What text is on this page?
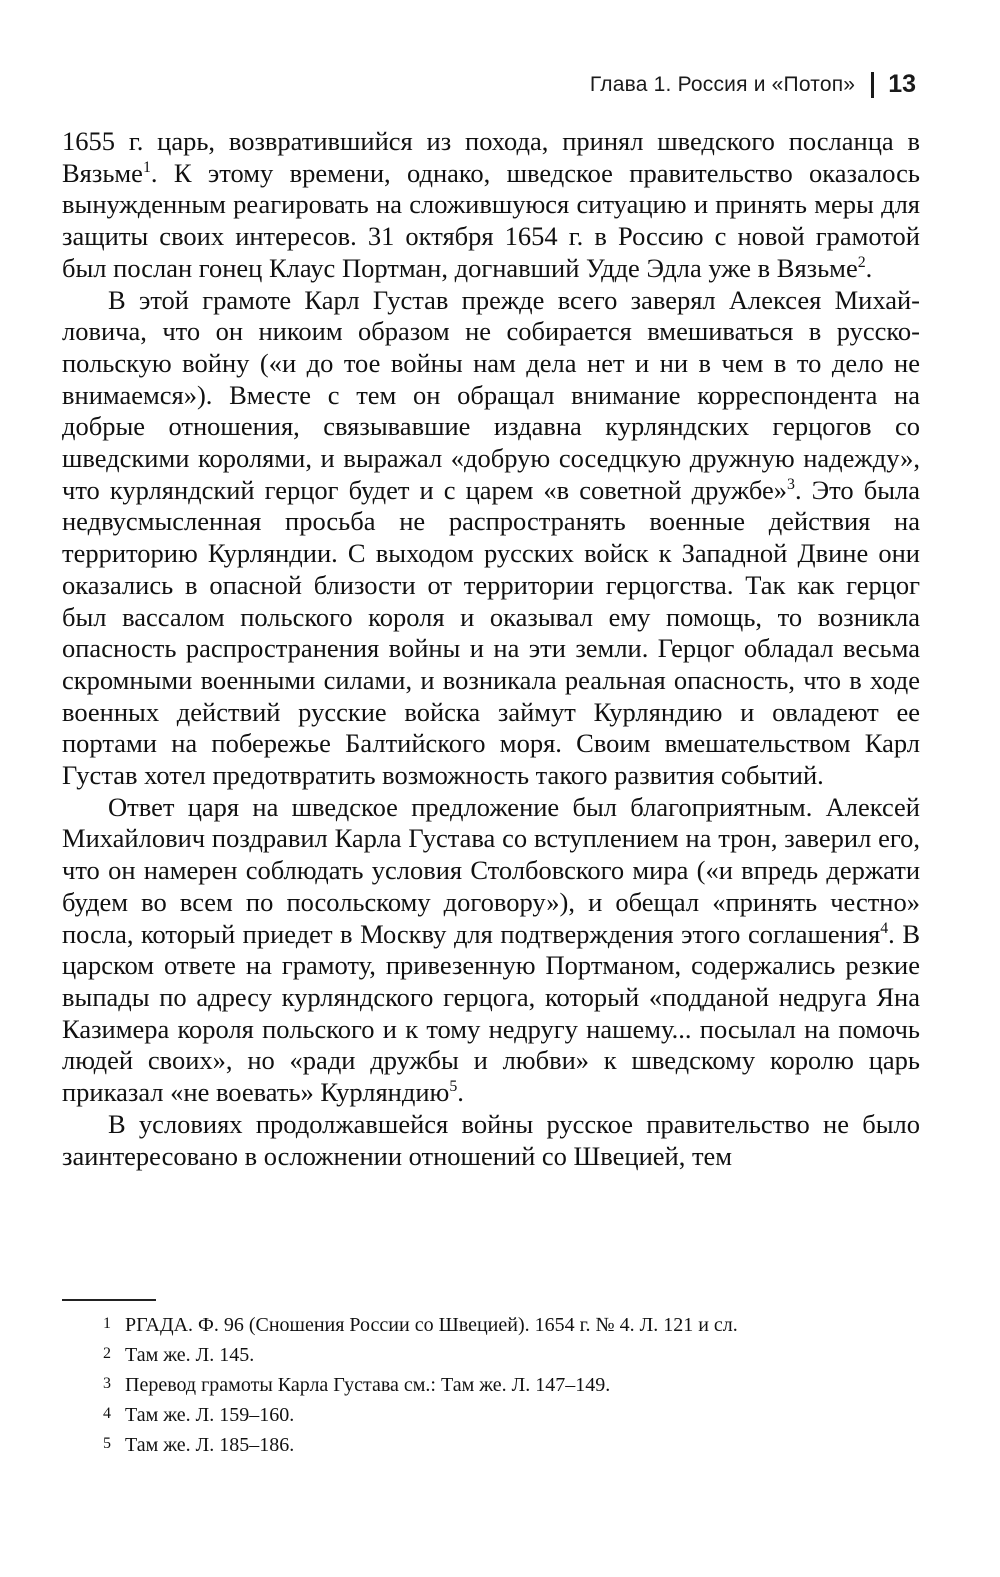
Глава 1. Россия и «Потоп» 13

1655 г. царь, возвратившийся из похода, принял шведского посланца в Вязьме$^1$. К этому времени, однако, шведское правительство оказалось вынужденным реагировать на сложившуюся ситуацию и принять меры для защиты своих интересов. 31 октября 1654 г. в Россию с новой грамотой был послан гонец Клаус Портман, догнавший Удде Эдла уже в Вязьме$^2$.

В этой грамоте Карл Густав прежде всего заверял Алексея Михайловича, что он никоим образом не собирается вмешиваться в русско-польскую войну («и до тое войны нам дела нет и ни в чем в то дело не внимаемся»). Вместе с тем он обращал внимание корреспондента на добрые отношения, связывавшие издавна курляндских герцогов со шведскими королями, и выражал «добрую соседцкую дружную надежду», что курляндский герцог будет и с царем «в советной дружбе»$^3$. Это была недвусмысленная просьба не распространять военные действия на территорию Курляндии. С выходом русских войск к Западной Двине они оказались в опасной близости от территории герцогства. Так как герцог был вассалом польского короля и оказывал ему помощь, то возникла опасность распространения войны и на эти земли. Герцог обладал весьма скромными военными силами, и возникала реальная опасность, что в ходе военных действий русские войска займут Курляндию и овладеют ее портами на побережье Балтийского моря. Своим вмешательством Карл Густав хотел предотвратить возможность такого развития событий.

Ответ царя на шведское предложение был благоприятным. Алексей Михайлович поздравил Карла Густава со вступлением на трон, заверил его, что он намерен соблюдать условия Столбовского мира («и впредь держати будем во всем по посольскому договору»), и обещал «принять честно» посла, который приедет в Москву для подтверждения этого соглашения$^4$. В царском ответе на грамоту, привезенную Портманом, содержались резкие выпады по адресу курляндского герцога, который «подданой недруга Яна Казимера короля польского и к тому недругу нашему... посылал на помочь людей своих», но «ради дружбы и любви» к шведскому королю царь приказал «не воевать» Курляндию$^5$.

В условиях продолжавшейся войны русское правительство не было заинтересовано в осложнении отношений со Швецией, тем

1 РГАДА. Ф. 96 (Сношения России со Швецией). 1654 г. № 4. Л. 121 и сл.
2 Там же. Л. 145.
3 Перевод грамоты Карла Густава см.: Там же. Л. 147–149.
4 Там же. Л. 159–160.
5 Там же. Л. 185–186.
